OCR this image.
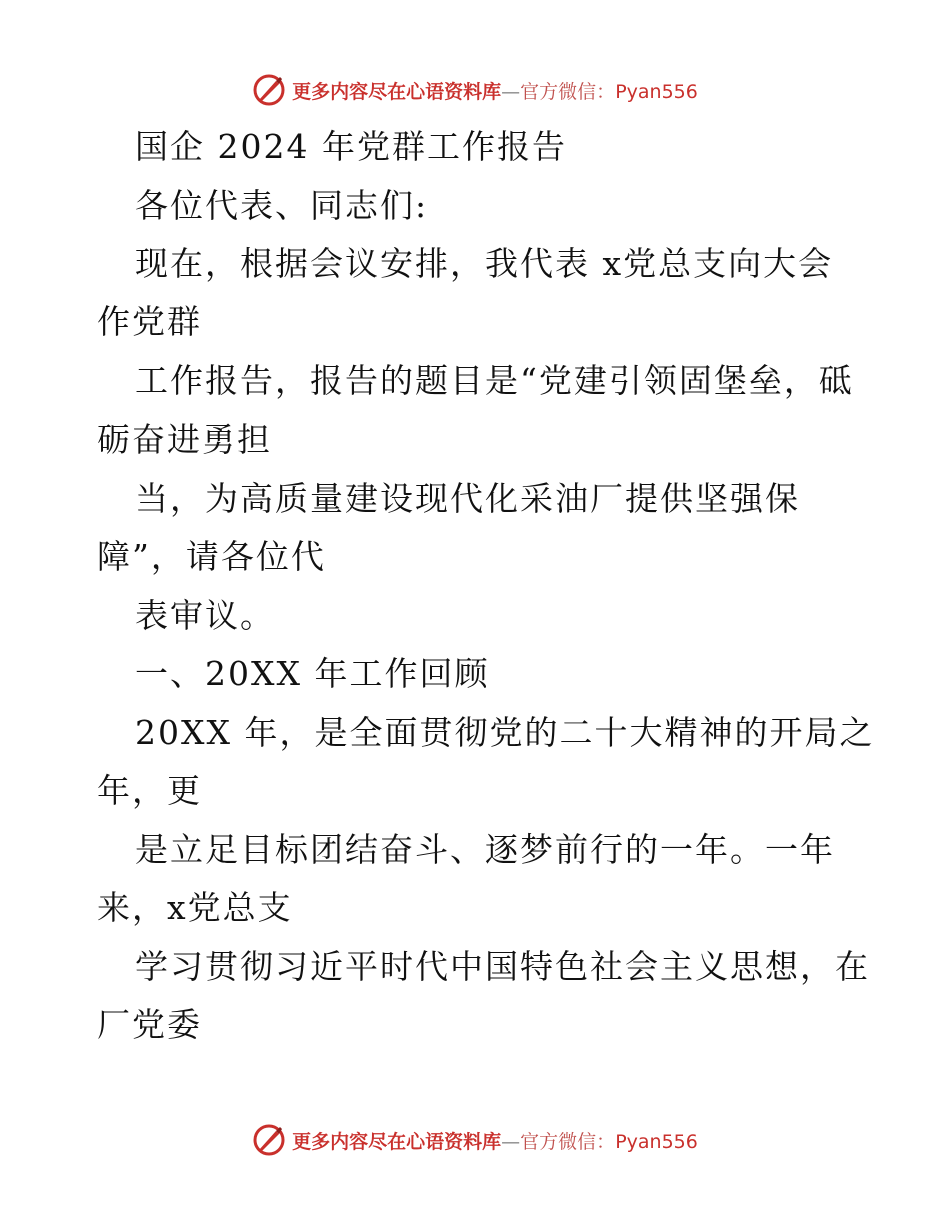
更多内容尽在心语资料库—官方微信：Pyan556
国企 2024 年党群工作报告
各位代表、同志们:
现在，根据会议安排，我代表 x党总支向大会
作党群
工作报告，报告的题目是“党建引领固堡垒，砥
砺奋进勇担
当，为高质量建设现代化采油厂提供坚强保
障”，请各位代
表审议。
一、20XX 年工作回顾
20XX 年，是全面贯彻党的二十大精神的开局之
年，更
是立足目标团结奋斗、逐梦前行的一年。一年
来，x党总支
学习贯彻习近平时代中国特色社会主义思想，在
厂党委
更多内容尽在心语资料库—官方微信：Pyan556
